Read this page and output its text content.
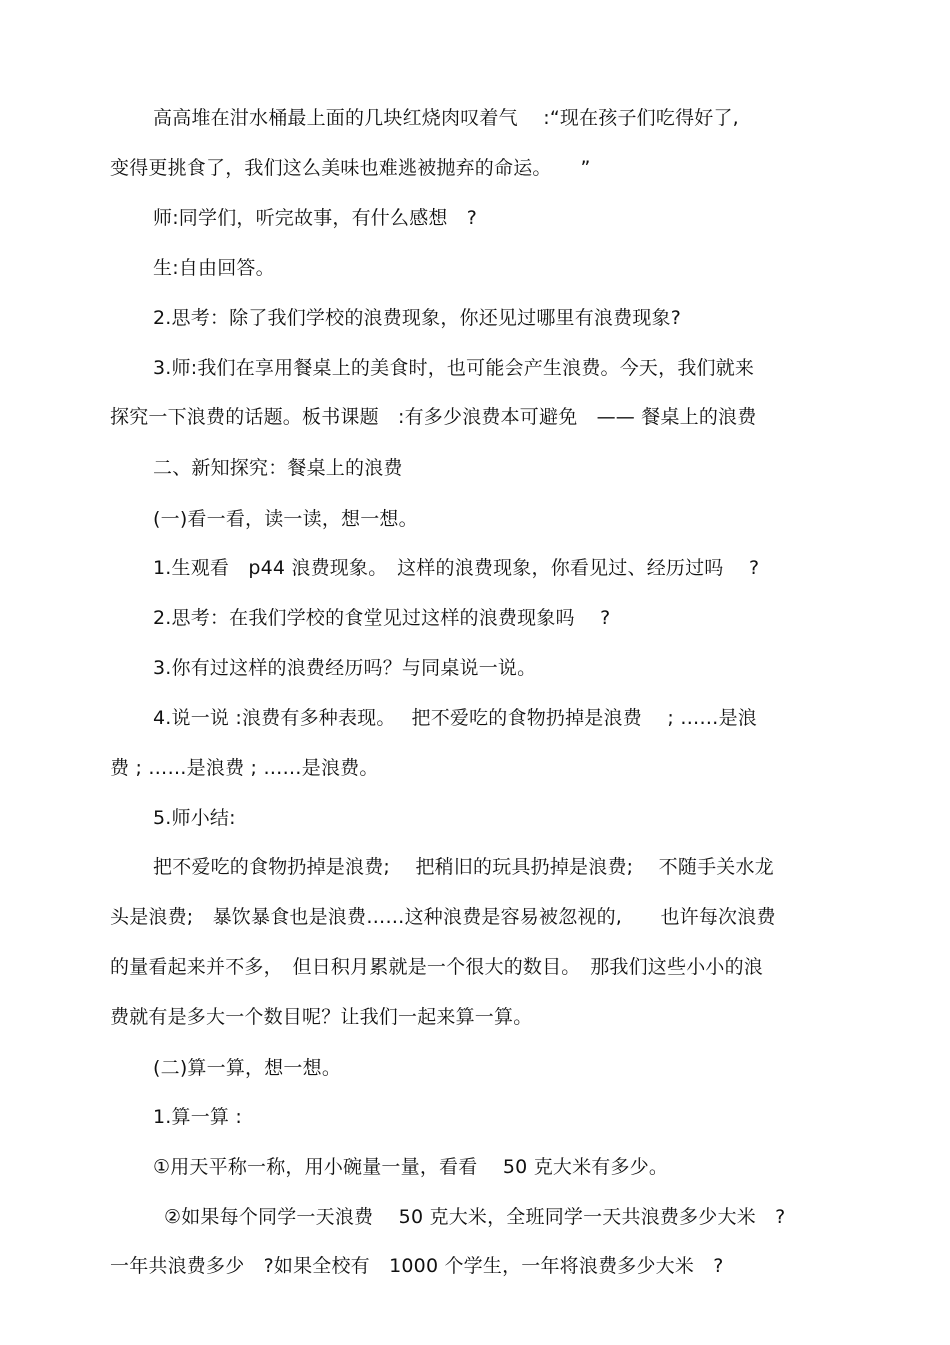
高高堆在泔水桶最上面的几块红烧肉叹着气　 :“现在孩子们吃得好了,
变得更挑食了，我们这么美味也难逃被抛弃的命运。　　”
师:同学们，听完故事，有什么感想　?
生:自由回答。
2.思考：除了我们学校的浪费现象，你还见过哪里有浪费现象?
3.师:我们在享用餐桌上的美食时，也可能会产生浪费。今天，我们就来
探究一下浪费的话题。板书课题　:有多少浪费本可避免　—— 餐桌上的浪费
二、新知探究：餐桌上的浪费
(一)看一看，读一读，想一想。
1.生观看　p44 浪费现象。　这样的浪费现象，你看见过、经历过吗　 ?
2.思考：在我们学校的食堂见过这样的浪费现象吗　 ?
3.你有过这样的浪费经历吗？与同桌说一说。
4.说一说 :浪费有多种表现。　 把不爱吃的食物扔掉是浪费　 ; ……是浪
费 ; ……是浪费 ; ……是浪费。
5.师小结:
把不爱吃的食物扔掉是浪费;　 把稍旧的玩具扔掉是浪费;　 不随手关水龙
头是浪费;　暴饮暴食也是浪费……这种浪费是容易被忽视的,　　也许每次浪费
的量看起来并不多，　但日积月累就是一个很大的数目。　那我们这些小小的浪
费就有是多大一个数目呢？让我们一起来算一算。
(二)算一算，想一想。
1.算一算 :
①用天平称一称，用小碗量一量，看看　 50 克大米有多少。
②如果每个同学一天浪费　 50 克大米，全班同学一天共浪费多少大米　?
一年共浪费多少　?如果全校有　1000 个学生，一年将浪费多少大米　?
